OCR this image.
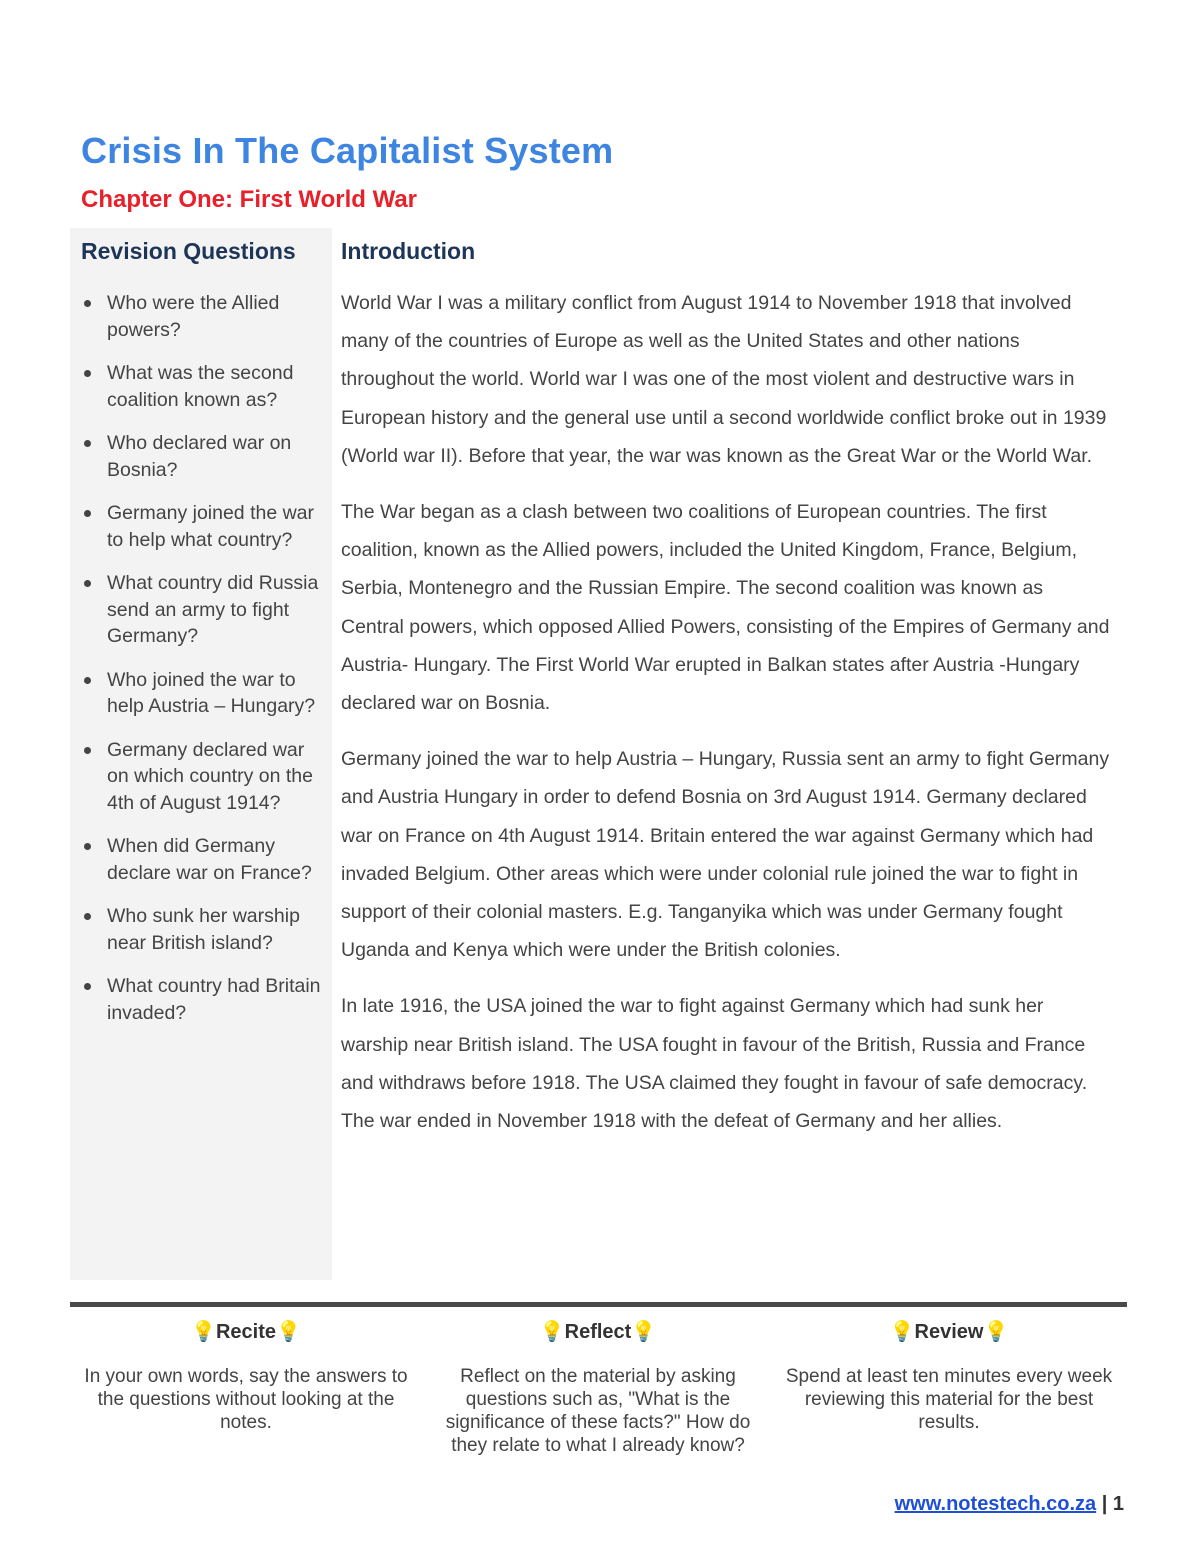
Crisis In The Capitalist System
Chapter One: First World War
Revision Questions
Who were the Allied powers?
What was the second coalition known as?
Who declared war on Bosnia?
Germany joined the war to help what country?
What country did Russia send an army to fight Germany?
Who joined the war to help Austria – Hungary?
Germany declared war on which country on the 4th of August 1914?
When did Germany declare war on France?
Who sunk her warship near British island?
What country had Britain invaded?
Introduction

World War I was a military conflict from August 1914 to November 1918 that involved many of the countries of Europe as well as the United States and other nations throughout the world. World war I was one of the most violent and destructive wars in European history and the general use until a second worldwide conflict broke out in 1939 (World war II). Before that year, the war was known as the Great War or the World War.

The War began as a clash between two coalitions of European countries. The first coalition, known as the Allied powers, included the United Kingdom, France, Belgium, Serbia, Montenegro and the Russian Empire. The second coalition was known as Central powers, which opposed Allied Powers, consisting of the Empires of Germany and Austria- Hungary. The First World War erupted in Balkan states after Austria -Hungary declared war on Bosnia.

Germany joined the war to help Austria – Hungary, Russia sent an army to fight Germany and Austria Hungary in order to defend Bosnia on 3rd August 1914. Germany declared war on France on 4th August 1914. Britain entered the war against Germany which had invaded Belgium. Other areas which were under colonial rule joined the war to fight in support of their colonial masters. E.g. Tanganyika which was under Germany fought Uganda and Kenya which were under the British colonies.

In late 1916, the USA joined the war to fight against Germany which had sunk her warship near British island. The USA fought in favour of the British, Russia and France and withdraws before 1918. The USA claimed they fought in favour of safe democracy. The war ended in November 1918 with the defeat of Germany and her allies.

💡Recite💡

In your own words, say the answers to the questions without looking at the notes.

💡Reflect💡

Reflect on the material by asking questions such as, "What is the significance of these facts?" How do they relate to what I already know?

💡Review💡

Spend at least ten minutes every week reviewing this material for the best results.

www.notestech.co.za | 1
